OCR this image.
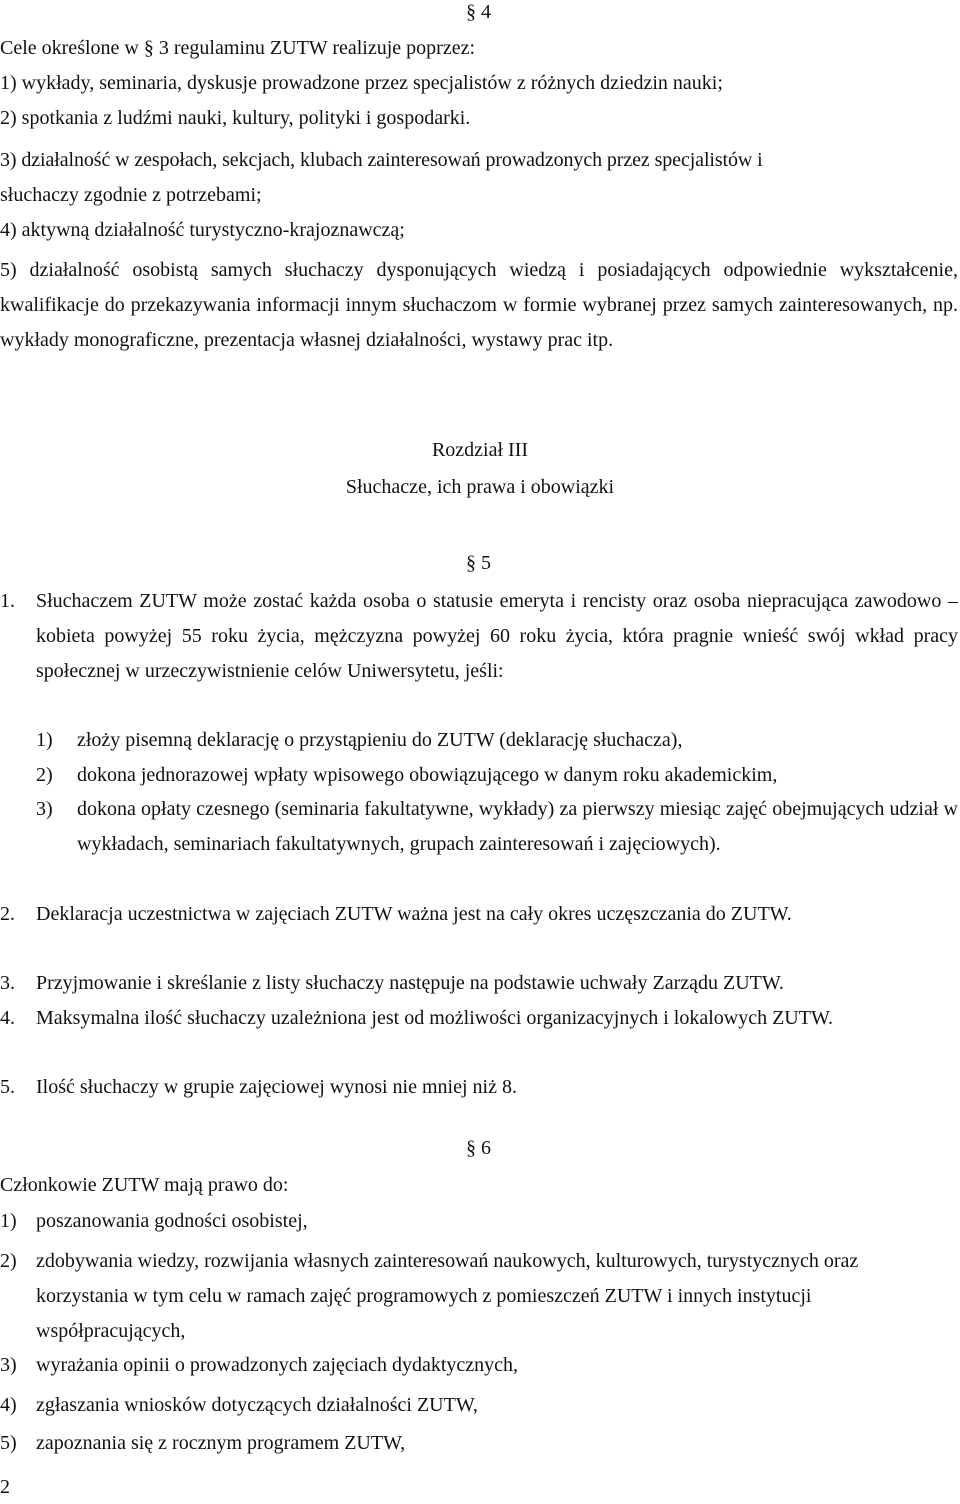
§ 4
Cele określone w § 3 regulaminu ZUTW realizuje poprzez:
1) wykłady, seminaria, dyskusje prowadzone przez specjalistów z różnych dziedzin nauki;
2) spotkania z ludźmi nauki, kultury, polityki i gospodarki.
3) działalność w zespołach, sekcjach, klubach zainteresowań prowadzonych przez specjalistów i
słuchaczy zgodnie z potrzebami;
4) aktywną działalność turystyczno-krajoznawczą;
5) działalność osobistą samych słuchaczy dysponujących wiedzą i posiadających odpowiednie wykształcenie, kwalifikacje do przekazywania informacji innym słuchaczom w formie wybranej przez samych zainteresowanych, np. wykłady monograficzne, prezentacja własnej działalności, wystawy prac itp.
Rozdział III
Słuchacze, ich prawa i obowiązki
§ 5
1. Słuchaczem ZUTW może zostać każda osoba o statusie emeryta i rencisty oraz osoba niepracująca zawodowo – kobieta powyżej 55 roku życia, mężczyzna powyżej 60 roku życia, która pragnie wnieść swój wkład pracy społecznej w urzeczywistnienie celów Uniwersytetu, jeśli:
1) złoży pisemną deklarację o przystąpieniu do ZUTW (deklarację słuchacza),
2) dokona jednorazowej wpłaty wpisowego obowiązującego w danym roku akademickim,
3) dokona opłaty czesnego (seminaria fakultatywne, wykłady) za pierwszy miesiąc zajęć obejmujących udział w wykładach, seminariach fakultatywnych, grupach zainteresowań i zajęciowych).
2. Deklaracja uczestnictwa w zajęciach ZUTW ważna jest na cały okres uczęszczania do ZUTW.
3. Przyjmowanie i skreślanie z listy słuchaczy następuje na podstawie uchwały Zarządu ZUTW.
4. Maksymalna ilość słuchaczy uzależniona jest od możliwości organizacyjnych i lokalowych ZUTW.
5. Ilość słuchaczy w grupie zajęciowej wynosi nie mniej niż 8.
§ 6
Członkowie ZUTW mają prawo do:
1) poszanowania godności osobistej,
2) zdobywania wiedzy, rozwijania własnych zainteresowań naukowych, kulturowych, turystycznych oraz korzystania w tym celu w ramach zajęć programowych z pomieszczeń ZUTW i innych instytucji współpracujących,
3) wyrażania opinii o prowadzonych zajęciach dydaktycznych,
4) zgłaszania wniosków dotyczących działalności ZUTW,
5) zapoznania się z rocznym programem ZUTW,
2
